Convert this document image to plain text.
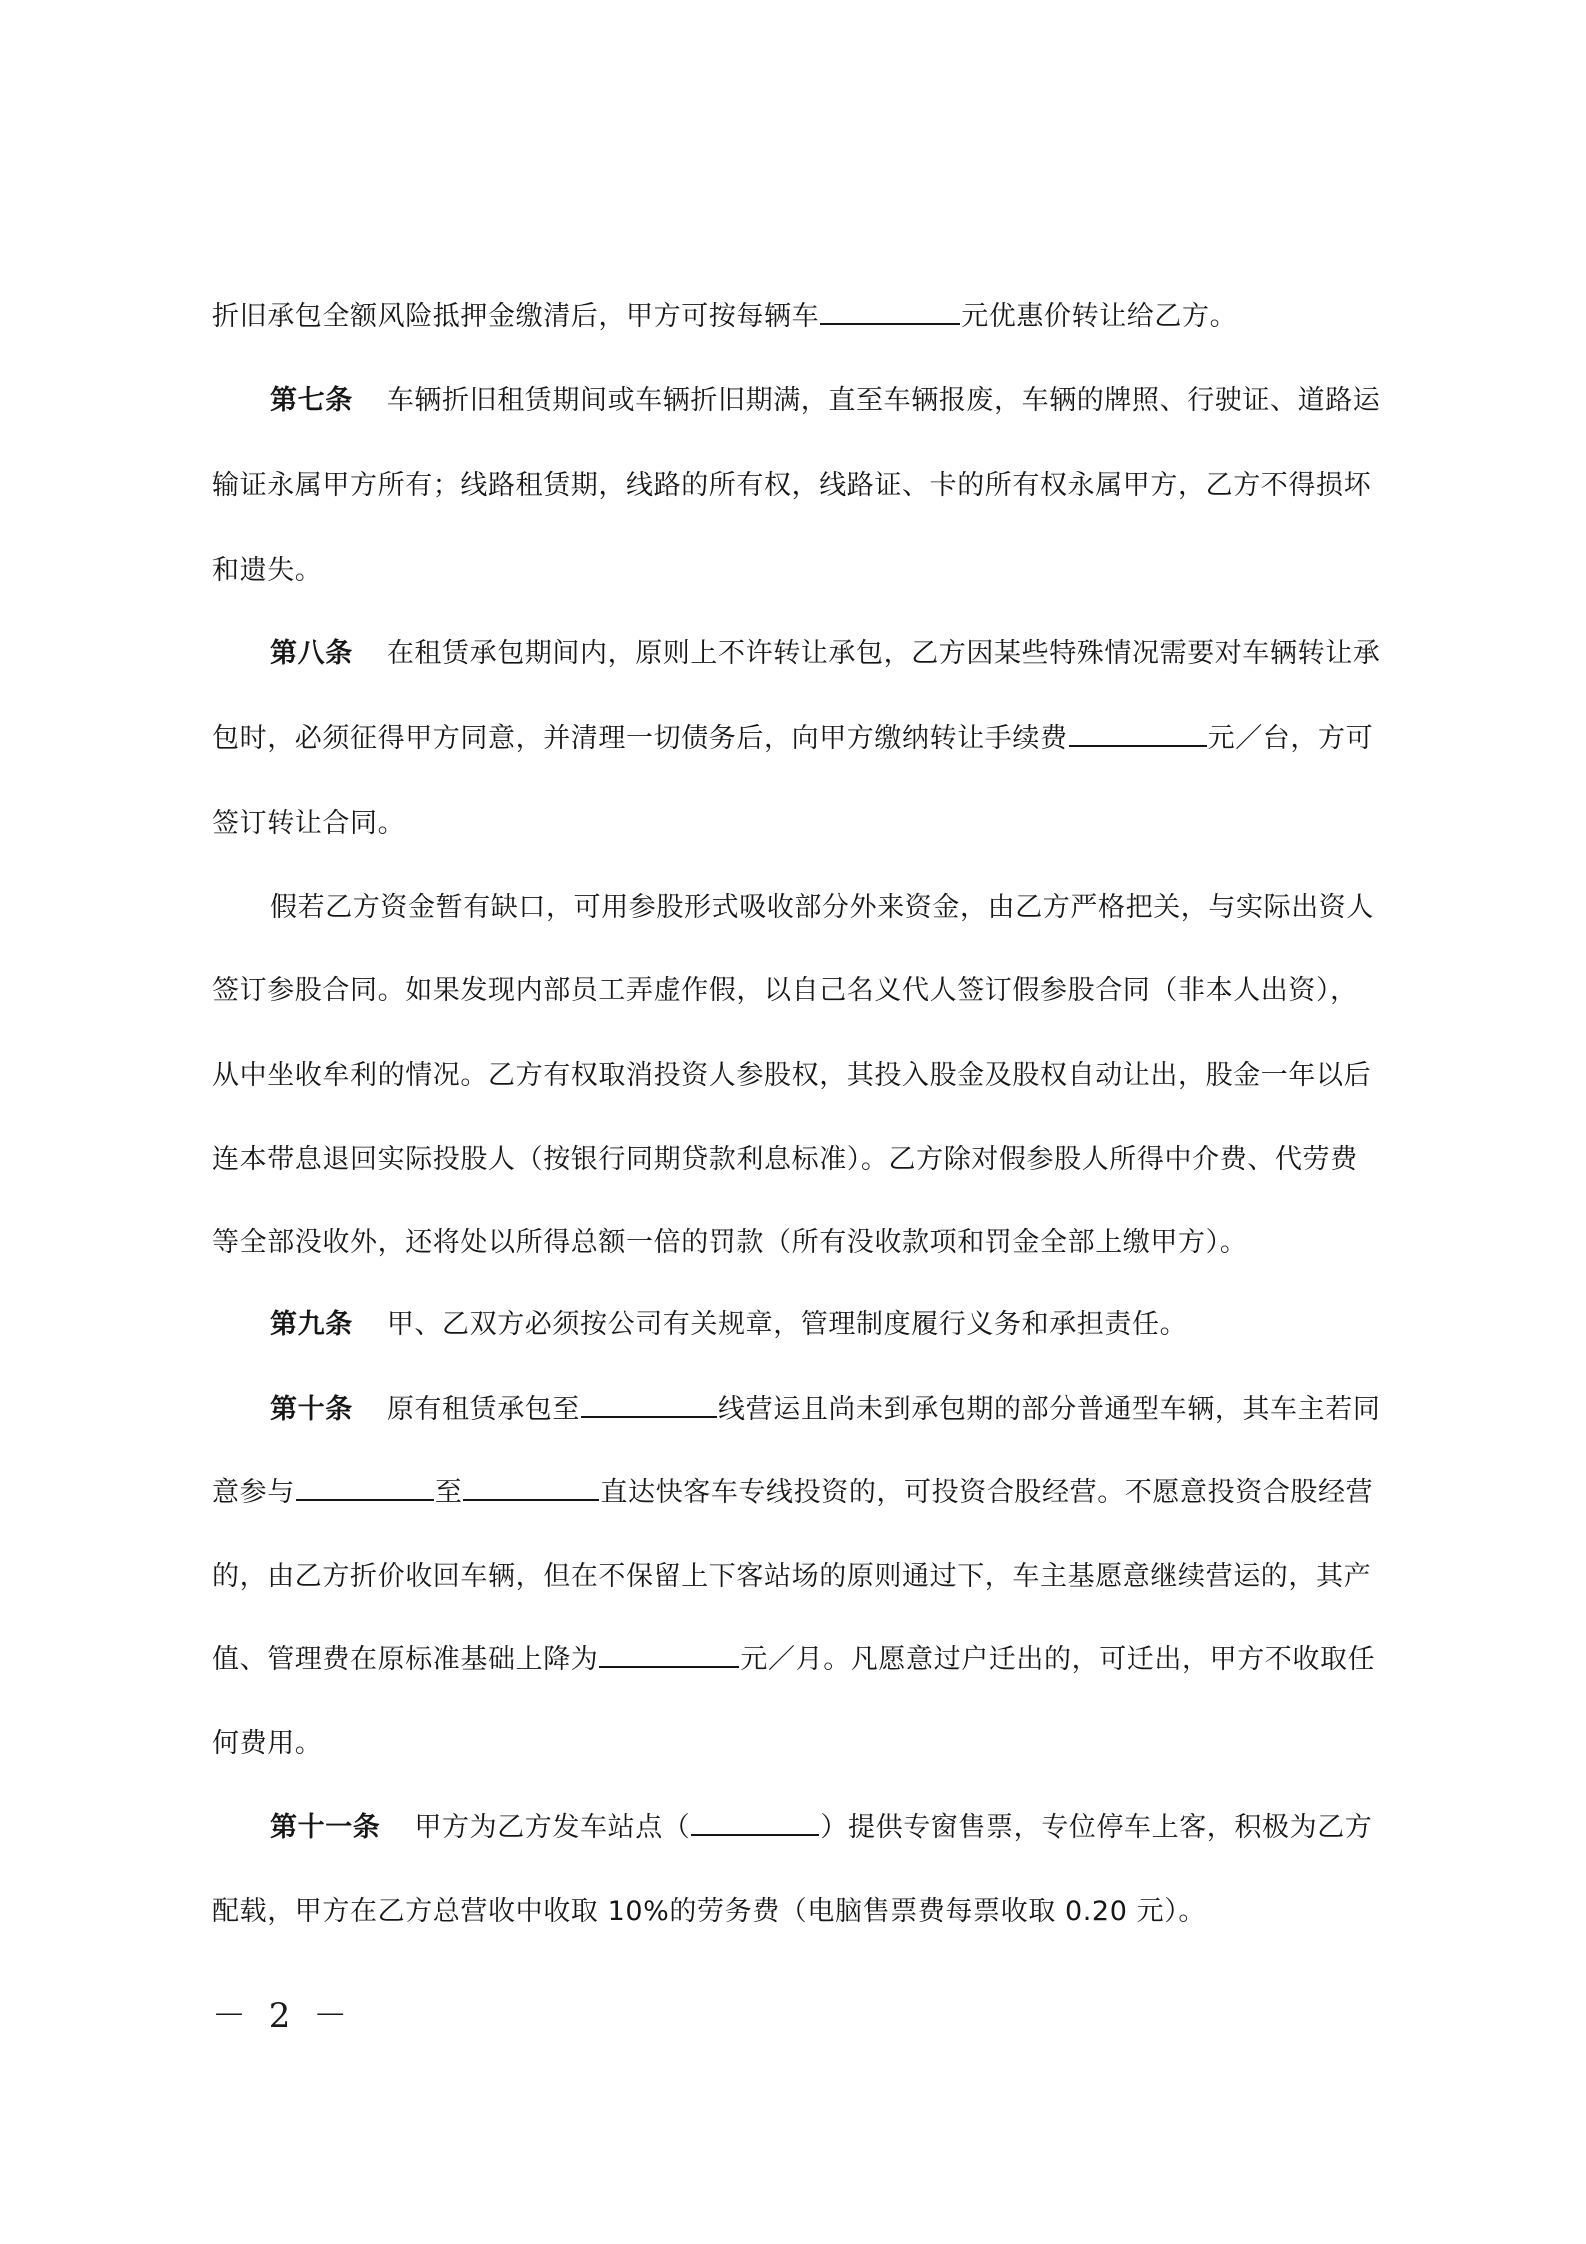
折旧承包全额风险抵押金缴清后，甲方可按每辆车	元优惠价转让给乙方。
第七条 车辆折旧租赁期间或车辆折旧期满，直至车辆报废，车辆的牌照、行驶证、道路运
输证永属甲方所有；线路租赁期，线路的所有权，线路证、卡的所有权永属甲方，乙方不得损坏
和遗失。
第八条 在租赁承包期间内，原则上不许转让承包，乙方因某些特殊情况需要对车辆转让承
包时，必须征得甲方同意，并清理一切债务后，向甲方缴纳转让手续费	元／台，方可
签订转让合同。
假若乙方资金暂有缺口，可用参股形式吸收部分外来资金，由乙方严格把关，与实际出资人
签订参股合同。如果发现内部员工弄虚作假，以自己名义代人签订假参股合同（非本人出资），
从中坐收牟利的情况。乙方有权取消投资人参股权，其投入股金及股权自动让出，股金一年以后
连本带息退回实际投股人（按银行同期贷款利息标准）。乙方除对假参股人所得中介费、代劳费
等全部没收外，还将处以所得总额一倍的罚款（所有没收款项和罚金全部上缴甲方）。
第九条 甲、乙双方必须按公司有关规章，管理制度履行义务和承担责任。
第十条 原有租赁承包至	线营运且尚未到承包期的部分普通型车辆，其车主若同
意参与	至	直达快客车专线投资的，可投资合股经营。不愿意投资合股经营
的，由乙方折价收回车辆，但在不保留上下客站场的原则通过下，车主基愿意继续营运的，其产
值、管理费在原标准基础上降为	元／月。凡愿意过户迁出的，可迁出，甲方不收取任
何费用。
第十一条 甲方为乙方发车站点（	）提供专窗售票，专位停车上客，积极为乙方
配载，甲方在乙方总营收中收取 10%的劳务费（电脑售票费每票收取 0.20 元）。
－ 2 －
